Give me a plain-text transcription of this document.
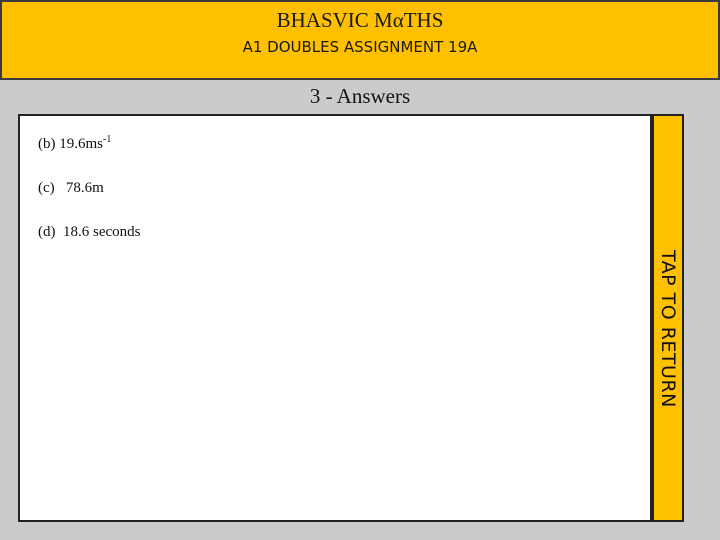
BHASVIC MαTHS
A1 DOUBLES ASSIGNMENT 19A
3 - Answers
(b) $19.6ms^{-1}$
(c)   78.6m
(d)  18.6 seconds
TAP TO RETURN
